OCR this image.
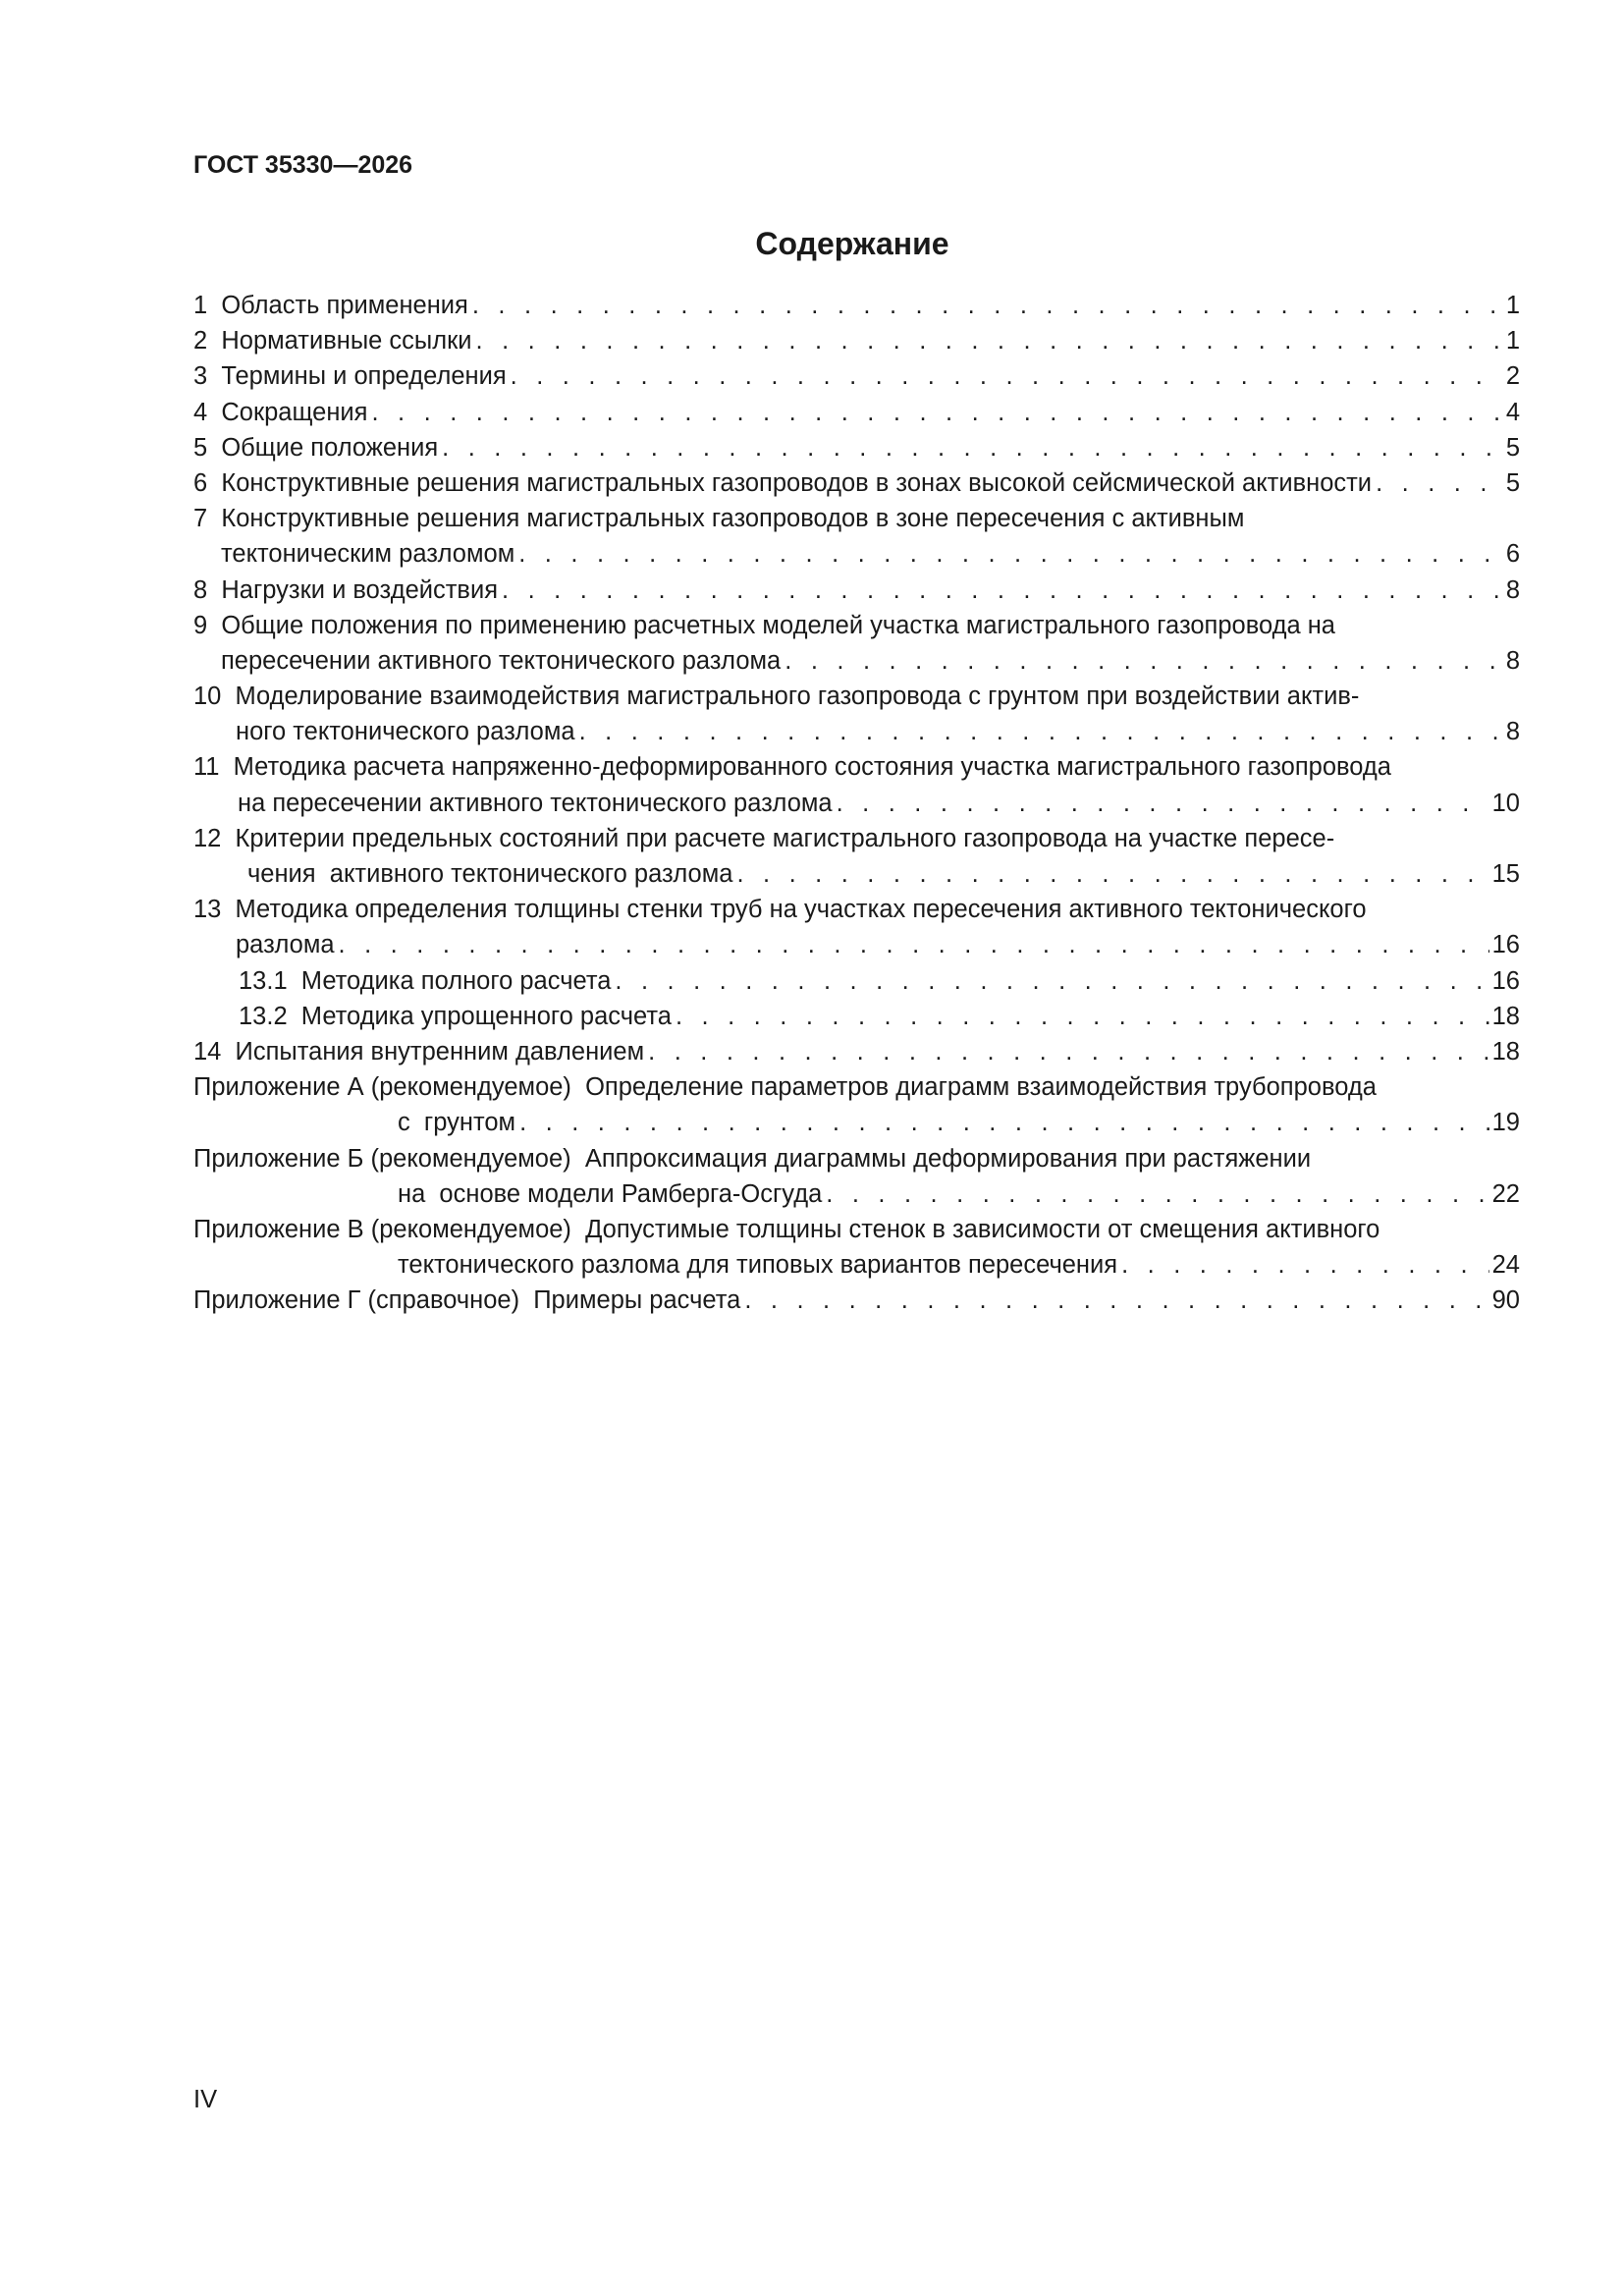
ГОСТ 35330—2026
Содержание
1  Область применения . . .	1
2  Нормативные ссылки . . .	1
3  Термины и определения . . .	2
4  Сокращения . . .	4
5  Общие положения . . .	5
6  Конструктивные решения магистральных газопроводов в зонах высокой сейсмической активности . . .	5
7  Конструктивные решения магистральных газопроводов в зоне пересечения с активным
тектоническим разломом . . .	6
8  Нагрузки и воздействия . . .	8
9  Общие положения по применению расчетных моделей участка магистрального газопровода на
пересечении активного тектонического разлома . . .	8
10  Моделирование взаимодействия магистрального газопровода с грунтом при воздействии актив-
ного тектонического разлома . . .	8
11  Методика расчета напряженно-деформированного состояния участка магистрального газопровода
на пересечении активного тектонического разлома . . .	10
12  Критерии предельных состояний при расчете магистрального газопровода на участке пересе-
чения  активного тектонического разлома . . .	15
13  Методика определения толщины стенки труб на участках пересечения активного тектонического
разлома . . .	16
13.1  Методика полного расчета . . .	16
13.2  Методика упрощенного расчета . . .	18
14  Испытания внутренним давлением . . .	18
Приложение А (рекомендуемое)  Определение параметров диаграмм взаимодействия трубопровода
с  грунтом . . .	19
Приложение Б (рекомендуемое)  Аппроксимация диаграммы деформирования при растяжении
на  основе модели Рамберга-Осгуда . . .	22
Приложение В (рекомендуемое)  Допустимые толщины стенок в зависимости от смещения активного
тектонического разлома для типовых вариантов пересечения . . .	24
Приложение Г (справочное)  Примеры расчета . . .	90
IV
